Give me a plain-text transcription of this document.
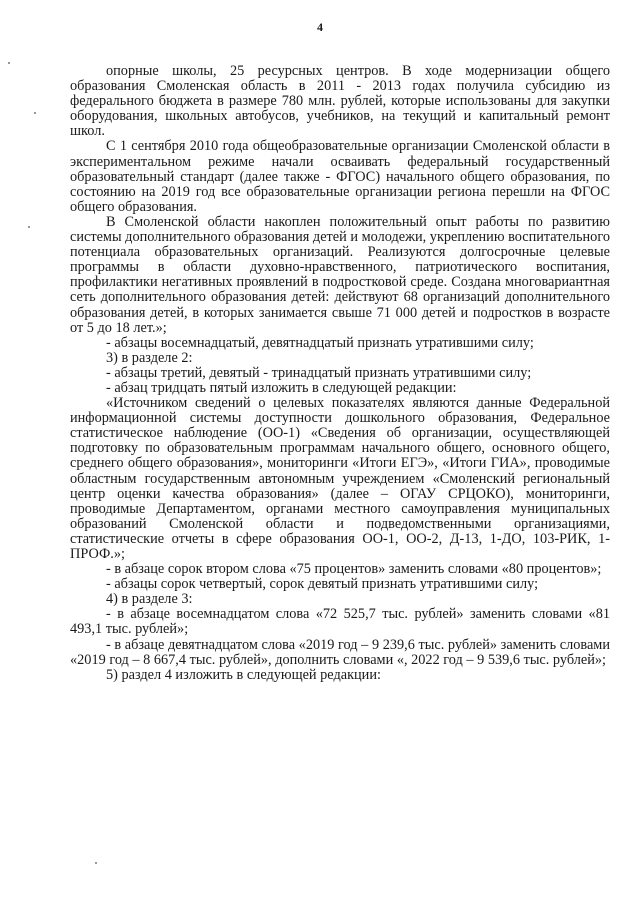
4

опорные школы, 25 ресурсных центров. В ходе модернизации общего образования Смоленская область в 2011 - 2013 годах получила субсидию из федерального бюджета в размере 780 млн. рублей, которые использованы для закупки оборудования, школьных автобусов, учебников, на текущий и капитальный ремонт школ.

С 1 сентября 2010 года общеобразовательные организации Смоленской области в экспериментальном режиме начали осваивать федеральный государственный образовательный стандарт (далее также - ФГОС) начального общего образования, по состоянию на 2019 год все образовательные организации региона перешли на ФГОС общего образования.

В Смоленской области накоплен положительный опыт работы по развитию системы дополнительного образования детей и молодежи, укреплению воспитательного потенциала образовательных организаций. Реализуются долгосрочные целевые программы в области духовно-нравственного, патриотического воспитания, профилактики негативных проявлений в подростковой среде. Создана многовариантная сеть дополнительного образования детей: действуют 68 организаций дополнительного образования детей, в которых занимается свыше 71 000 детей и подростков в возрасте от 5 до 18 лет.»;

- абзацы восемнадцатый, девятнадцатый признать утратившими силу;

3) в разделе 2:

- абзацы третий, девятый - тринадцатый признать утратившими силу;

- абзац тридцать пятый изложить в следующей редакции:

«Источником сведений о целевых показателях являются данные Федеральной информационной системы доступности дошкольного образования, Федеральное статистическое наблюдение (ОО-1) «Сведения об организации, осуществляющей подготовку по образовательным программам начального общего, основного общего, среднего общего образования», мониторинги «Итоги ЕГЭ», «Итоги ГИА», проводимые областным государственным автономным учреждением «Смоленский региональный центр оценки качества образования» (далее – ОГАУ СРЦОКО), мониторинги, проводимые Департаментом, органами местного самоуправления муниципальных образований Смоленской области и подведомственными организациями, статистические отчеты в сфере образования ОО-1, ОО-2, Д-13, 1-ДО, 103-РИК, 1-ПРОФ.»;

- в абзаце сорок втором слова «75 процентов» заменить словами «80 процентов»;

- абзацы сорок четвертый, сорок девятый признать утратившими силу;

4) в разделе 3:

- в абзаце восемнадцатом слова «72 525,7 тыс. рублей» заменить словами «81 493,1 тыс. рублей»;

- в абзаце девятнадцатом слова «2019 год – 9 239,6 тыс. рублей» заменить словами «2019 год – 8 667,4 тыс. рублей», дополнить словами «, 2022 год – 9 539,6 тыс. рублей»;

5) раздел 4 изложить в следующей редакции:
